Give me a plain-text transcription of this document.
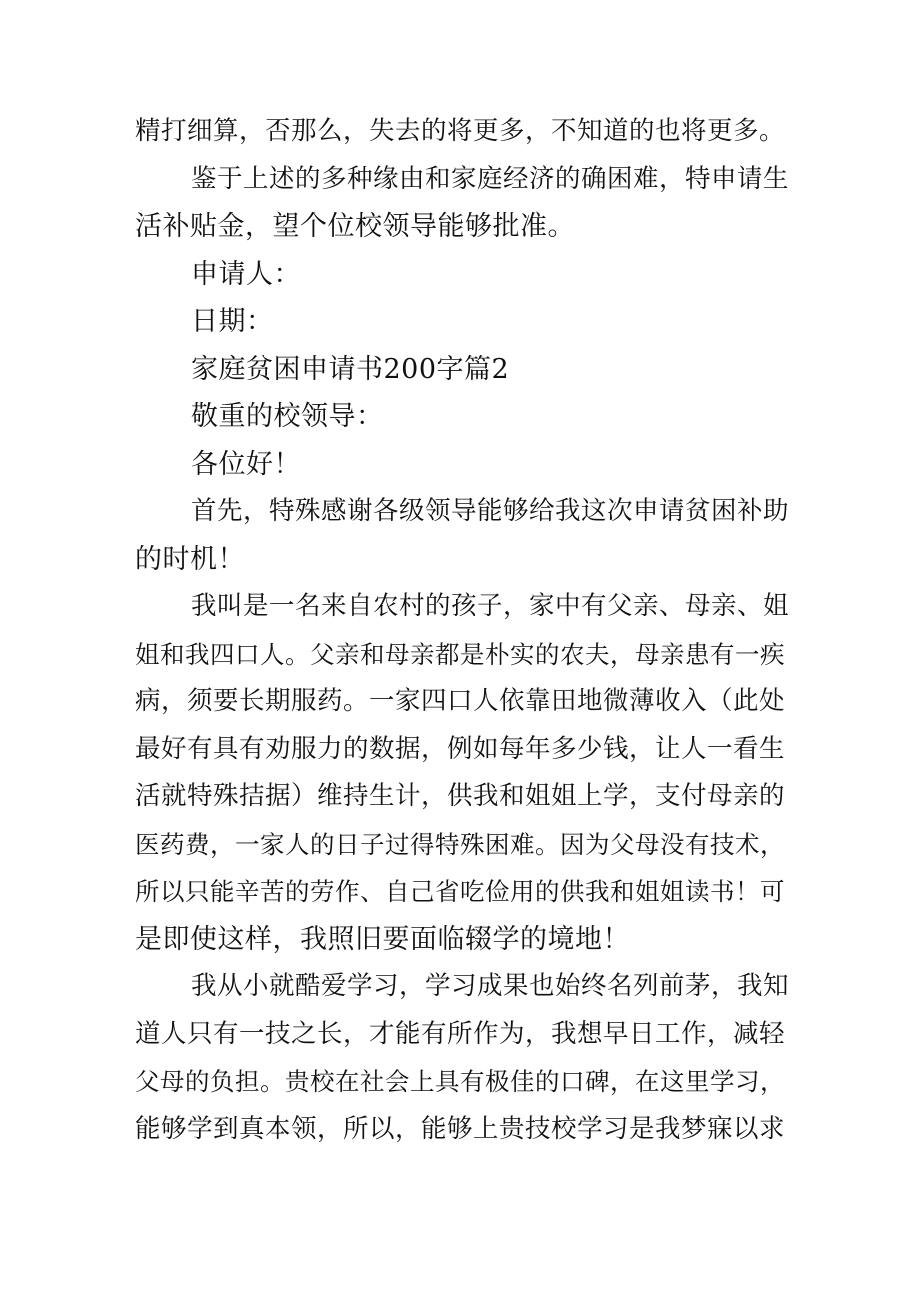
精打细算，否那么，失去的将更多，不知道的也将更多。
鉴于上述的多种缘由和家庭经济的确困难，特申请生
活补贴金，望个位校领导能够批准。
申请人：
日期：
家庭贫困申请书200字篇2
敬重的校领导：
各位好！
首先，特殊感谢各级领导能够给我这次申请贫困补助
的时机！
我叫是一名来自农村的孩子，家中有父亲、母亲、姐
姐和我四口人。父亲和母亲都是朴实的农夫，母亲患有一疾
病，须要长期服药。一家四口人依靠田地微薄收入（此处
最好有具有劝服力的数据，例如每年多少钱，让人一看生
活就特殊拮据）维持生计，供我和姐姐上学，支付母亲的
医药费，一家人的日子过得特殊困难。因为父母没有技术，
所以只能辛苦的劳作、自己省吃俭用的供我和姐姐读书！可
是即使这样，我照旧要面临辍学的境地！
我从小就酷爱学习，学习成果也始终名列前茅，我知
道人只有一技之长，才能有所作为，我想早日工作，减轻
父母的负担。贵校在社会上具有极佳的口碑，在这里学习，
能够学到真本领，所以，能够上贵技校学习是我梦寐以求
